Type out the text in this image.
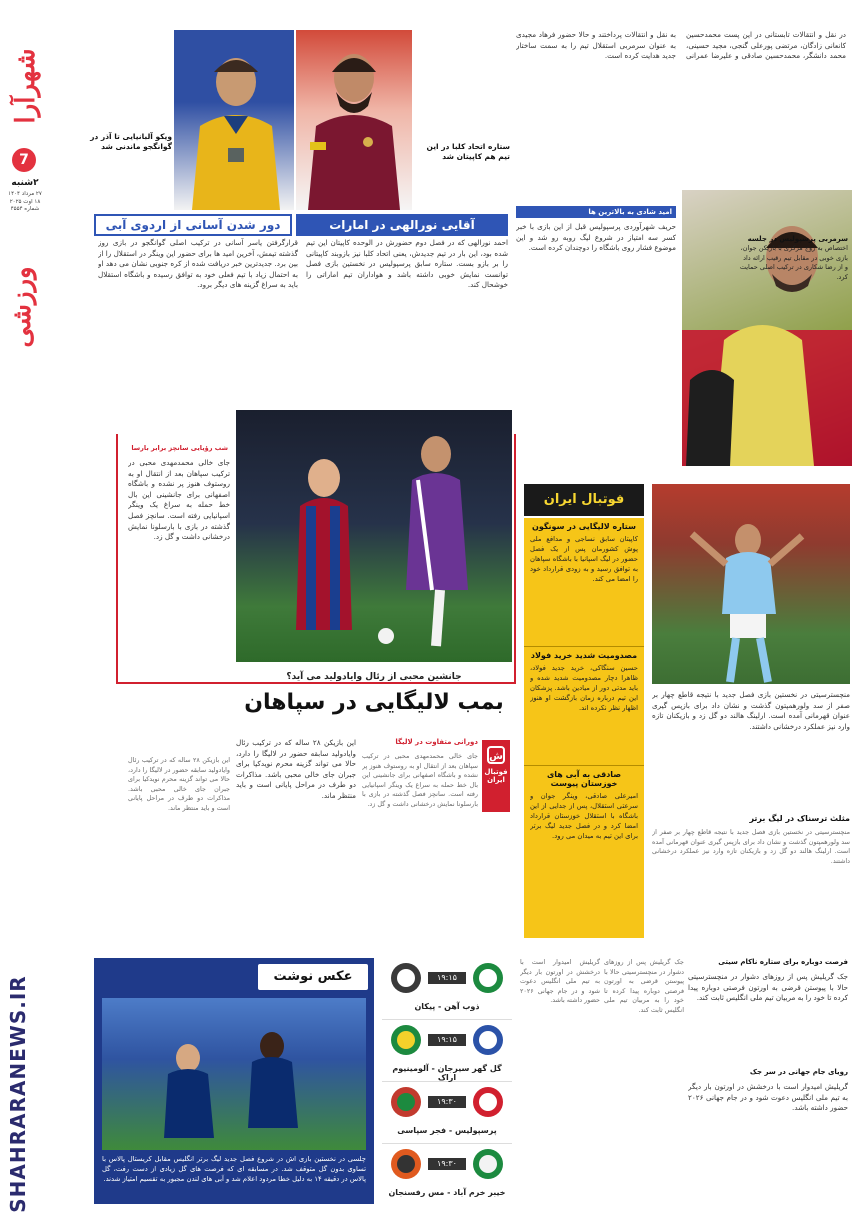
شهرآرا
7
۲شنبه
۲۷ مرداد ۱۴۰۴
۱۸ اوت ۲۰۲۵
شماره ۴۵۵۴
ورزشی
SHAHRARANEWS.IR
ویکو آلبانیایی تا آذر در گوانگجو ماندنی شد	ستاره اتحاد کلبا در این تیم هم کاپیتان شد
دور شدن آسانی از اردوی آبی	آقایی نورالهی در امارات
قرارگرفتن یاسر آسانی در ترکیب اصلی گوانگجو در بازی روز گذشته تیمش، آخرین امید ها برای حضور این وینگر در استقلال را از بین برد. جدیدترین خبر دریافت شده از کره جنوبی نشان می دهد او به احتمال زیاد با تیم فعلی خود به توافق رسیده و باشگاه استقلال باید به سراغ گزینه های دیگر برود.
احمد نورالهی که در فصل دوم حضورش در الوحده کاپیتان این تیم شده بود، این بار در تیم جدیدش، یعنی اتحاد کلبا نیز بازوبند کاپیتانی را بر بازو بست. ستاره سابق پرسپولیس در نخستین بازی فصل توانست نمایش خوبی داشته باشد و هواداران تیم اماراتی را خوشحال کند.
در نقل و انتقالات تابستانی در این پست محمدحسین کانعانی زادگان، مرتضی پورعلی گنجی، مجید حسینی، محمد دانشگر، محمدحسین صادقی و علیرضا عمرانی به نقل و انتقالات پرداختند و حالا حضور فرهاد مجیدی به عنوان سرمربی استقلال تیم را به سمت ساختار جدید هدایت کرده است.
امید شادی به بالاترین ها
حریف شهرآوردی پرسپولیس قبل از این بازی با خبر کسر سه امتیاز در شروع لیگ روبه رو شد و این موضوع فشار روی باشگاه را دوچندان کرده است.
سرمربی پرسپولیس در جلسه
اختصاص به زوج مرکزی با بازیکن جوان، بازی خوبی در مقابل تیم رقیب ارائه داد و از رضا شکاری در ترکیب اصلی حمایت کرد.
شب رؤیایی سانچز برابر بارسا
جای خالی محمدمهدی محبی در ترکیب سپاهان بعد از انتقال او به روستوف هنوز پر نشده و باشگاه اصفهانی برای جانشینی این بال خط حمله به سراغ یک وینگر اسپانیایی رفته است. سانچز فصل گذشته در بازی با بارسلونا نمایش درخشانی داشت و گل زد.
جانشین محبی از رئال وایادولید می آید؟
بمب لالیگایی در سپاهان
ش
فوتبال ایران
این بازیکن ۲۸ ساله که در ترکیب رئال وایادولید سابقه حضور در لالیگا را دارد، حالا می تواند گزینه محرم نویدکیا برای جبران جای خالی محبی باشد. مذاکرات دو طرف در مراحل پایانی است و باید منتظر ماند.
دورانی متفاوت در لالیگا
جای خالی محمدمهدی محبی در ترکیب سپاهان بعد از انتقال او به روستوف هنوز پر نشده و باشگاه اصفهانی برای جانشینی این بال خط حمله به سراغ یک وینگر اسپانیایی رفته است. سانچز فصل گذشته در بازی با بارسلونا نمایش درخشانی داشت و گل زد.
این بازیکن ۲۸ ساله که در ترکیب رئال وایادولید سابقه حضور در لالیگا را دارد، حالا می تواند گزینه محرم نویدکیا برای جبران جای خالی محبی باشد. مذاکرات دو طرف در مراحل پایانی است و باید منتظر ماند.
فوتبال ایران
ستاره لالیگایی در سونگون
کاپیتان سابق نساجی و مدافع ملی پوش کشورمان پس از یک فصل حضور در لیگ اسپانیا با باشگاه سپاهان به توافق رسید و به زودی قرارداد خود را امضا می کند.
مصدومیت شدید خرید فولاد
حسین سنگاکی، خرید جدید فولاد، ظاهرا دچار مصدومیت شدید شده و باید مدتی دور از میادین باشد. پزشکان این تیم درباره زمان بازگشت او هنوز اظهار نظر نکرده اند.
صادقی به آبی های خوزستان پیوست
امیرعلی صادقی، وینگر جوان و سرعتی استقلال، پس از جدایی از این باشگاه با استقلال خوزستان قرارداد امضا کرد و در فصل جدید لیگ برتر برای این تیم به میدان می رود.
منچسترسیتی در نخستین بازی فصل جدید با نتیجه قاطع چهار بر صفر از سد ولورهمپتون گذشت و نشان داد برای بازپس گیری عنوان قهرمانی آمده است. ارلینگ هالند دو گل زد و بازیکنان تازه وارد نیز عملکرد درخشانی داشتند.
مثلث ترسناک در لیگ برتر
منچسترسیتی در نخستین بازی فصل جدید با نتیجه قاطع چهار بر صفر از سد ولورهمپتون گذشت و نشان داد برای بازپس گیری عنوان قهرمانی آمده است. ارلینگ هالند دو گل زد و بازیکنان تازه وارد نیز عملکرد درخشانی داشتند.
عکس نوشت
چلسی در نخستین بازی اش در شروع فصل جدید لیگ برتر انگلیس مقابل کریستال پالاس با تساوی بدون گل متوقف شد. در مسابقه ای که فرصت های گل زیادی از دست رفت، گل پالاس در دقیقه ۱۴ به دلیل خطا مردود اعلام شد و آبی های لندن مجبور به تقسیم امتیاز شدند.
۱۹:۱۵
ذوب آهن - پیکان
۱۹:۱۵
گل گهر سیرجان - آلومینیوم اراک
۱۹:۳۰
پرسپولیس - فجر سپاسی
۱۹:۳۰
خیبر خرم آباد - مس رفسنجان
فرصت دوباره برای ستاره ناکام سیتی
جک گریلیش پس از روزهای دشوار در منچسترسیتی حالا با پیوستن قرضی به اورتون فرصتی دوباره پیدا کرده تا خود را به مربیان تیم ملی انگلیس ثابت کند.
رویای جام جهانی در سر جک
گریلیش امیدوار است با درخشش در اورتون بار دیگر به تیم ملی انگلیس دعوت شود و در جام جهانی ۲۰۲۶ حضور داشته باشد.
جک گریلیش پس از روزهای دشوار در منچسترسیتی حالا با پیوستن قرضی به اورتون فرصتی دوباره پیدا کرده تا خود را به مربیان تیم ملی انگلیس ثابت کند.
گریلیش امیدوار است با درخشش در اورتون بار دیگر به تیم ملی انگلیس دعوت شود و در جام جهانی ۲۰۲۶ حضور داشته باشد.
